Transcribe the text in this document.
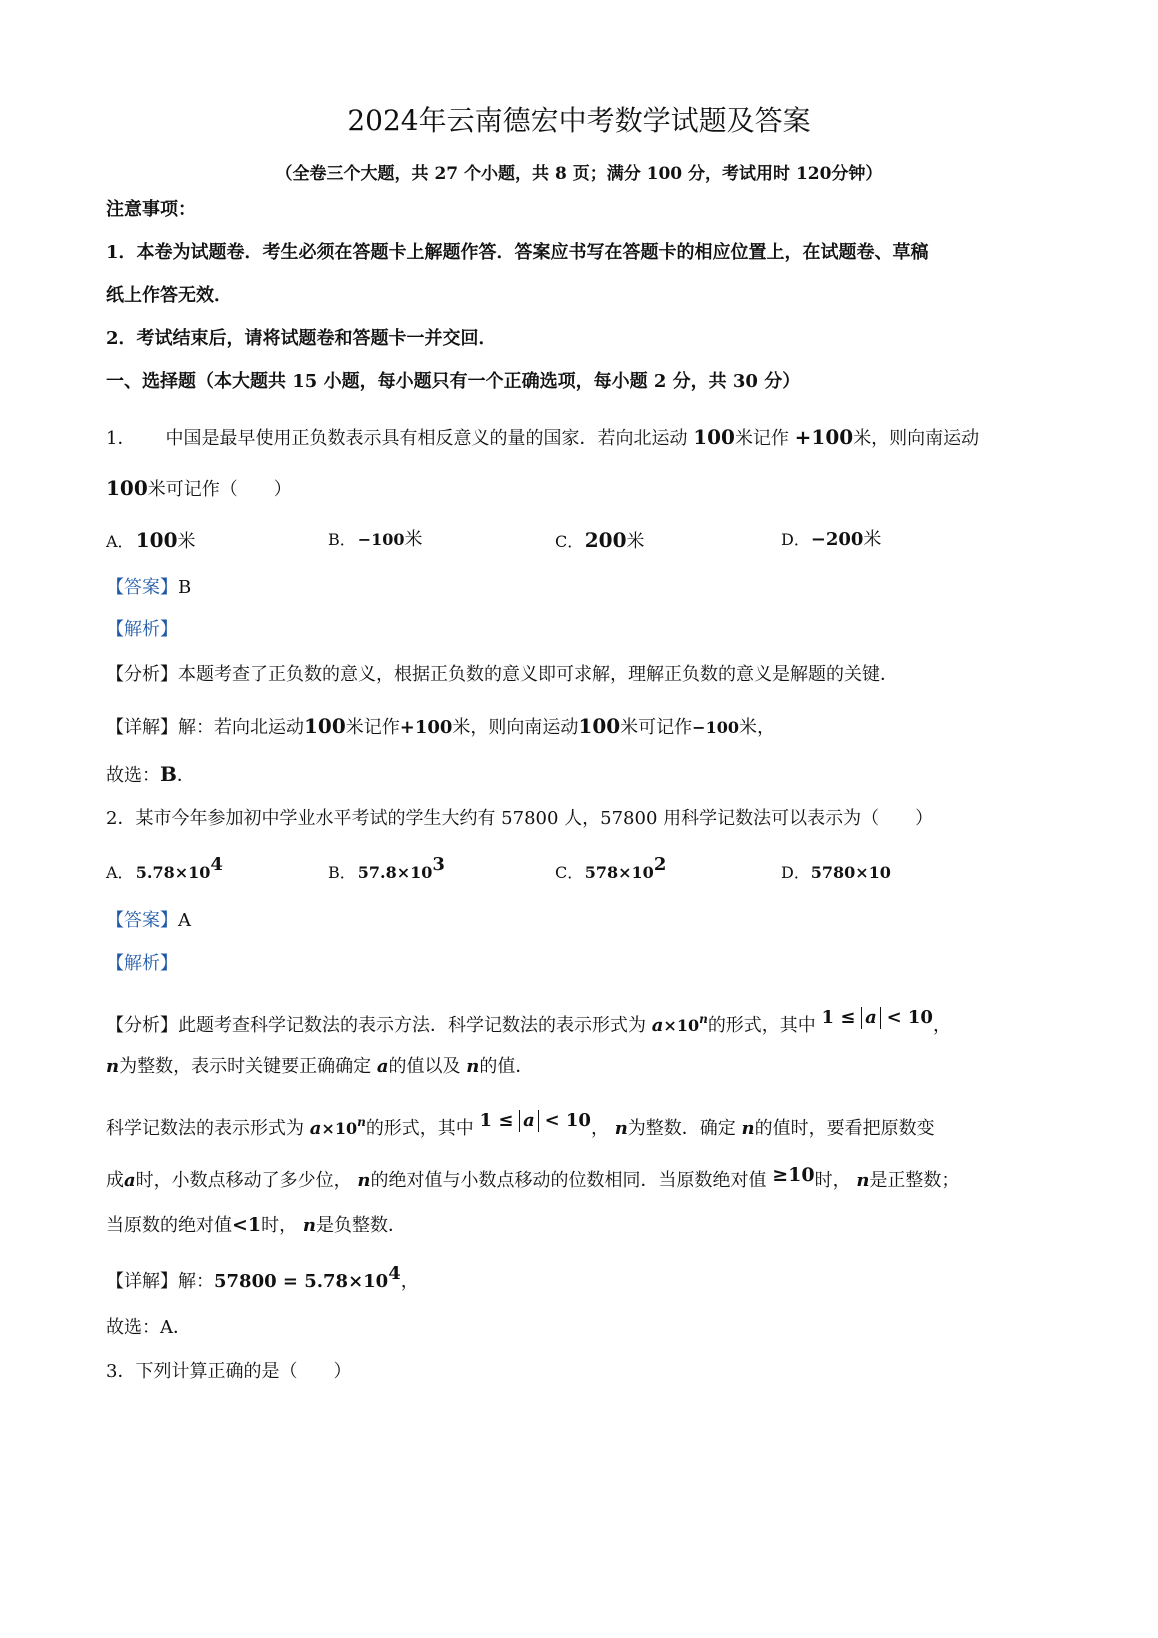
2024年云南德宏中考数学试题及答案
（全卷三个大题，共 27 个小题，共 8 页；满分 100 分，考试用时 120分钟）
注意事项：
1．本卷为试题卷．考生必须在答题卡上解题作答．答案应书写在答题卡的相应位置上，在试题卷、草稿
纸上作答无效．
2．考试结束后，请将试题卷和答题卡一并交回．
一、选择题（本大题共 15 小题，每小题只有一个正确选项，每小题 2 分，共 30 分）
1． 中国是最早使用正负数表示具有相反意义的量的国家．若向北运动 100米记作 +100米，则向南运动
100米可记作（　　）
A． 100米	B． −100米	C． 200米	D． −200米
【答案】B
【解析】
【分析】本题考查了正负数的意义，根据正负数的意义即可求解，理解正负数的意义是解题的关键．
【详解】解：若向北运动100米记作+100米，则向南运动100米可记作−100米，
故选：B．
2．某市今年参加初中学业水平考试的学生大约有 57800 人，57800 用科学记数法可以表示为（　　）
A． $5.78\times 10^4$	B． $57.8\times 10^3$	C． $578\times 10^2$	D． 5780×10
【答案】A
【解析】
【分析】此题考查科学记数法的表示方法．科学记数法的表示形式为 $a\times 10^n$的形式，其中 1 ≤ a < 10，
n为整数，表示时关键要正确确定 a的值以及 n的值．
科学记数法的表示形式为 $a\times 10^n$的形式，其中 1 ≤ a < 10， n为整数．确定 n的值时，要看把原数变
成a时，小数点移动了多少位， n的绝对值与小数点移动的位数相同．当原数绝对值 ≥10时， n是正整数；
当原数的绝对值<1时， n是负整数．
【详解】解：$57800 = 5.78\times 10^4$，
故选：A．
3．下列计算正确的是（　　）
